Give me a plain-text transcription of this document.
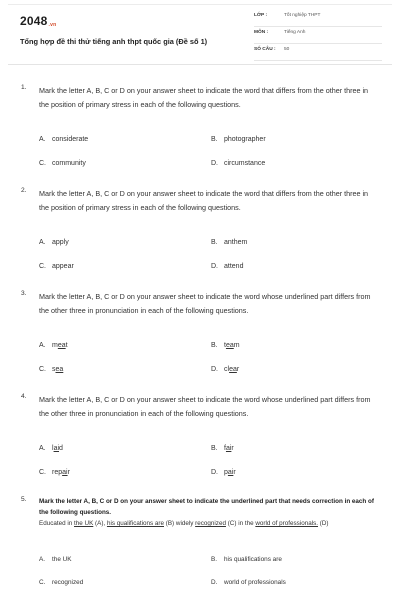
2048.vn
Tổng hợp đề thi thử tiếng anh thpt quốc gia (Đề số 1)
LỚP :	Tốt nghiệp THPT
MÔN :	Tiếng Anh
SỐ CÂU :	50
1. Mark the letter A, B, C or D on your answer sheet to indicate the word that differs from the other three in the position of primary stress in each of the following questions.
A. considerate	B. photographer
C. community	D. circumstance
2. Mark the letter A, B, C or D on your answer sheet to indicate the word that differs from the other three in the position of primary stress in each of the following questions.
A. apply	B. anthem
C. appear	D. attend
3. Mark the letter A, B, C or D on your answer sheet to indicate the word whose underlined part differs from the other three in pronunciation in each of the following questions.
A. meat	B. team
C. sea	D. clear
4. Mark the letter A, B, C or D on your answer sheet to indicate the word whose underlined part differs from the other three in pronunciation in each of the following questions.
A. laid	B. fair
C. repair	D. pair
5. Mark the letter A, B, C or D on your answer sheet to indicate the underlined part that needs correction in each of the following questions.
Educated in the UK (A), his qualifications are (B) widely recognized (C) in the world of professionals. (D)
A. the UK	B. his qualifications are
C. recognized	D. world of professionals
